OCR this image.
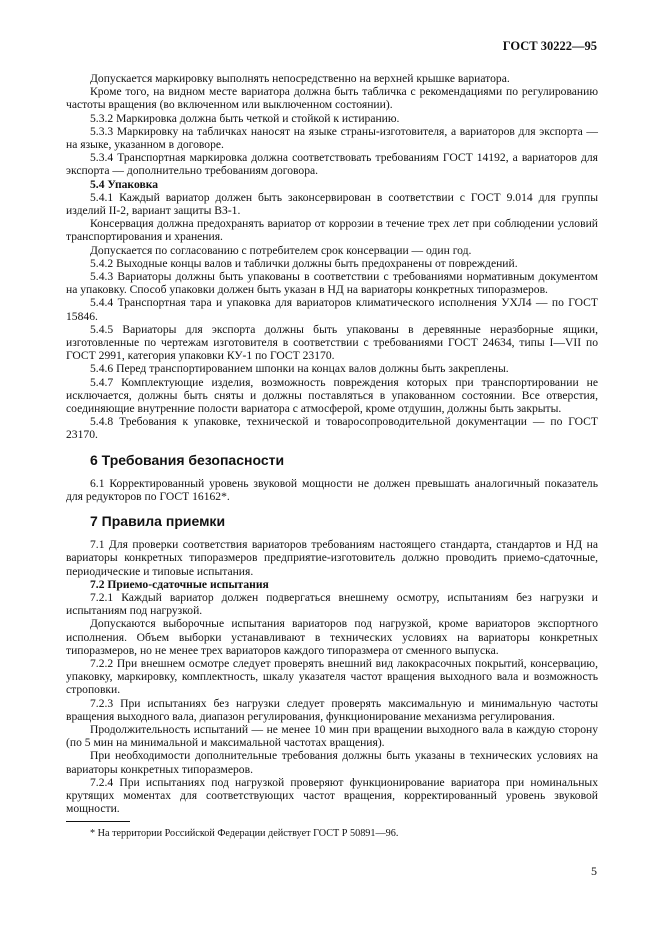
ГОСТ 30222—95

Допускается маркировку выполнять непосредственно на верхней крышке вариатора.

Кроме того, на видном месте вариатора должна быть табличка с рекомендациями по регулированию частоты вращения (во включенном или выключенном состоянии).

5.3.2 Маркировка должна быть четкой и стойкой к истиранию.

5.3.3 Маркировку на табличках наносят на языке страны-изготовителя, а вариаторов для экспорта — на языке, указанном в договоре.

5.3.4 Транспортная маркировка должна соответствовать требованиям ГОСТ 14192, а вариаторов для экспорта — дополнительно требованиям договора.

5.4 Упаковка

5.4.1 Каждый вариатор должен быть законсервирован в соответствии с ГОСТ 9.014 для группы изделий II-2, вариант защиты ВЗ-1.

Консервация должна предохранять вариатор от коррозии в течение трех лет при соблюдении условий транспортирования и хранения.

Допускается по согласованию с потребителем срок консервации — один год.

5.4.2 Выходные концы валов и таблички должны быть предохранены от повреждений.

5.4.3 Вариаторы должны быть упакованы в соответствии с требованиями нормативным документом на упаковку. Способ упаковки должен быть указан в НД на вариаторы конкретных типоразмеров.

5.4.4 Транспортная тара и упаковка для вариаторов климатического исполнения УХЛ4 — по ГОСТ 15846.

5.4.5 Вариаторы для экспорта должны быть упакованы в деревянные неразборные ящики, изготовленные по чертежам изготовителя в соответствии с требованиями ГОСТ 24634, типы I—VII по ГОСТ 2991, категория упаковки КУ-1 по ГОСТ 23170.

5.4.6 Перед транспортированием шпонки на концах валов должны быть закреплены.

5.4.7 Комплектующие изделия, возможность повреждения которых при транспортировании не исключается, должны быть сняты и должны поставляться в упакованном состоянии. Все отверстия, соединяющие внутренние полости вариатора с атмосферой, кроме отдушин, должны быть закрыты.

5.4.8 Требования к упаковке, технической и товаросопроводительной документации — по ГОСТ 23170.

6 Требования безопасности

6.1 Корректированный уровень звуковой мощности не должен превышать аналогичный показатель для редукторов по ГОСТ 16162*.

7 Правила приемки

7.1 Для проверки соответствия вариаторов требованиям настоящего стандарта, стандартов и НД на вариаторы конкретных типоразмеров предприятие-изготовитель должно проводить приемо-сдаточные, периодические и типовые испытания.

7.2 Приемо-сдаточные испытания

7.2.1 Каждый вариатор должен подвергаться внешнему осмотру, испытаниям без нагрузки и испытаниям под нагрузкой.

Допускаются выборочные испытания вариаторов под нагрузкой, кроме вариаторов экспортного исполнения. Объем выборки устанавливают в технических условиях на вариаторы конкретных типоразмеров, но не менее трех вариаторов каждого типоразмера от сменного выпуска.

7.2.2 При внешнем осмотре следует проверять внешний вид лакокрасочных покрытий, консервацию, упаковку, маркировку, комплектность, шкалу указателя частот вращения выходного вала и возможность строповки.

7.2.3 При испытаниях без нагрузки следует проверять максимальную и минимальную частоты вращения выходного вала, диапазон регулирования, функционирование механизма регулирования.

Продолжительность испытаний — не менее 10 мин при вращении выходного вала в каждую сторону (по 5 мин на минимальной и максимальной частотах вращения).

При необходимости дополнительные требования должны быть указаны в технических условиях на вариаторы конкретных типоразмеров.

7.2.4 При испытаниях под нагрузкой проверяют функционирование вариатора при номинальных крутящих моментах для соответствующих частот вращения, корректированный уровень звуковой мощности.

* На территории Российской Федерации действует ГОСТ Р 50891—96.

5
